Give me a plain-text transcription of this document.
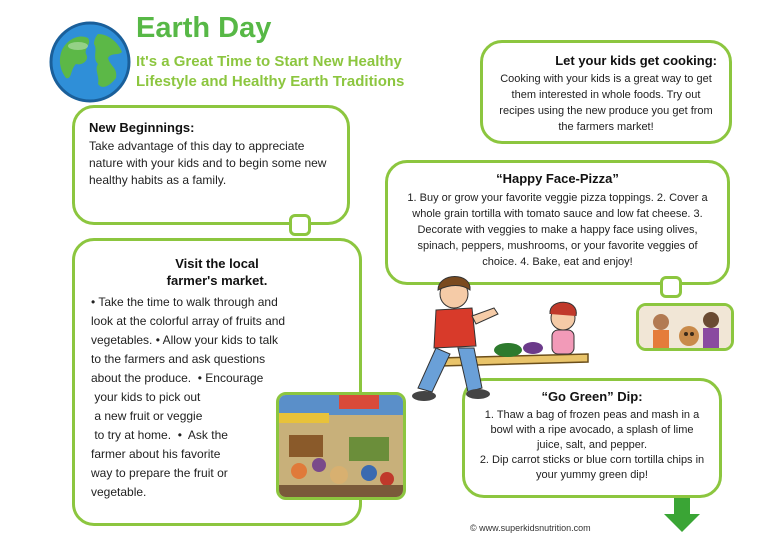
Earth Day
It's a Great Time to Start New Healthy
Lifestyle and Healthy Earth Traditions
Let your kids get cooking:

Cooking with your kids is a great way to get them interested in whole foods. Try out recipes using the new produce you get from the farmers market!

New Beginnings:

Take advantage of this day to appreciate nature with your kids and to begin some new healthy habits as a family.	“Happy Face-Pizza”

1. Buy or grow your favorite veggie pizza toppings. 2. Cover a whole grain tortilla with tomato sauce and low fat cheese. 3. Decorate with veggies to make a happy face using olives, spinach, peppers, mushrooms, or your favorite veggies of choice. 4. Bake, eat and enjoy!

Visit the local
farmer's market.

• Take the time to walk through and
look at the colorful array of fruits and
vegetables. • Allow your kids to talk
to the farmers and ask questions
about the produce.  • Encourage
your kids to pick out
a new fruit or veggie
to try at home.  •  Ask the
farmer about his favorite
way to prepare the fruit or
vegetable.

“Go Green” Dip:

1. Thaw a bag of frozen peas and mash in a bowl with a ripe avocado, a splash of lime juice, salt, and pepper.

2. Dip carrot sticks or blue corn tortilla chips in your yummy green dip!

© www.superkidsnutrition.com
